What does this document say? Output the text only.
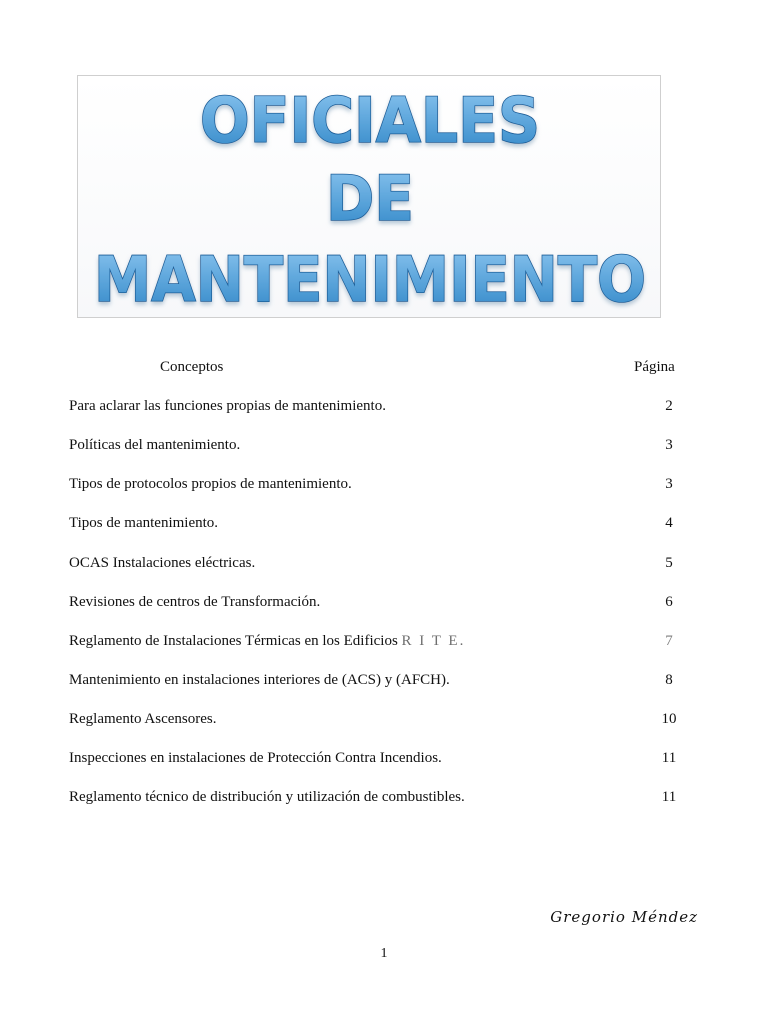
OFICIALES
DE
MANTENIMIENTO
Conceptos	Página
Para aclarar las funciones propias de mantenimiento.	2
Políticas del mantenimiento.	3
Tipos de protocolos propios de mantenimiento.	3
Tipos de mantenimiento.	4
OCAS Instalaciones eléctricas.	5
Revisiones de centros de Transformación.	6
Reglamento de Instalaciones Térmicas en los Edificios R I T E.	7
Mantenimiento en instalaciones interiores de (ACS) y (AFCH).	8
Reglamento Ascensores.	10
Inspecciones en instalaciones de Protección Contra Incendios.	11
Reglamento técnico de distribución y utilización de combustibles.	11
Gregorio Méndez
1
